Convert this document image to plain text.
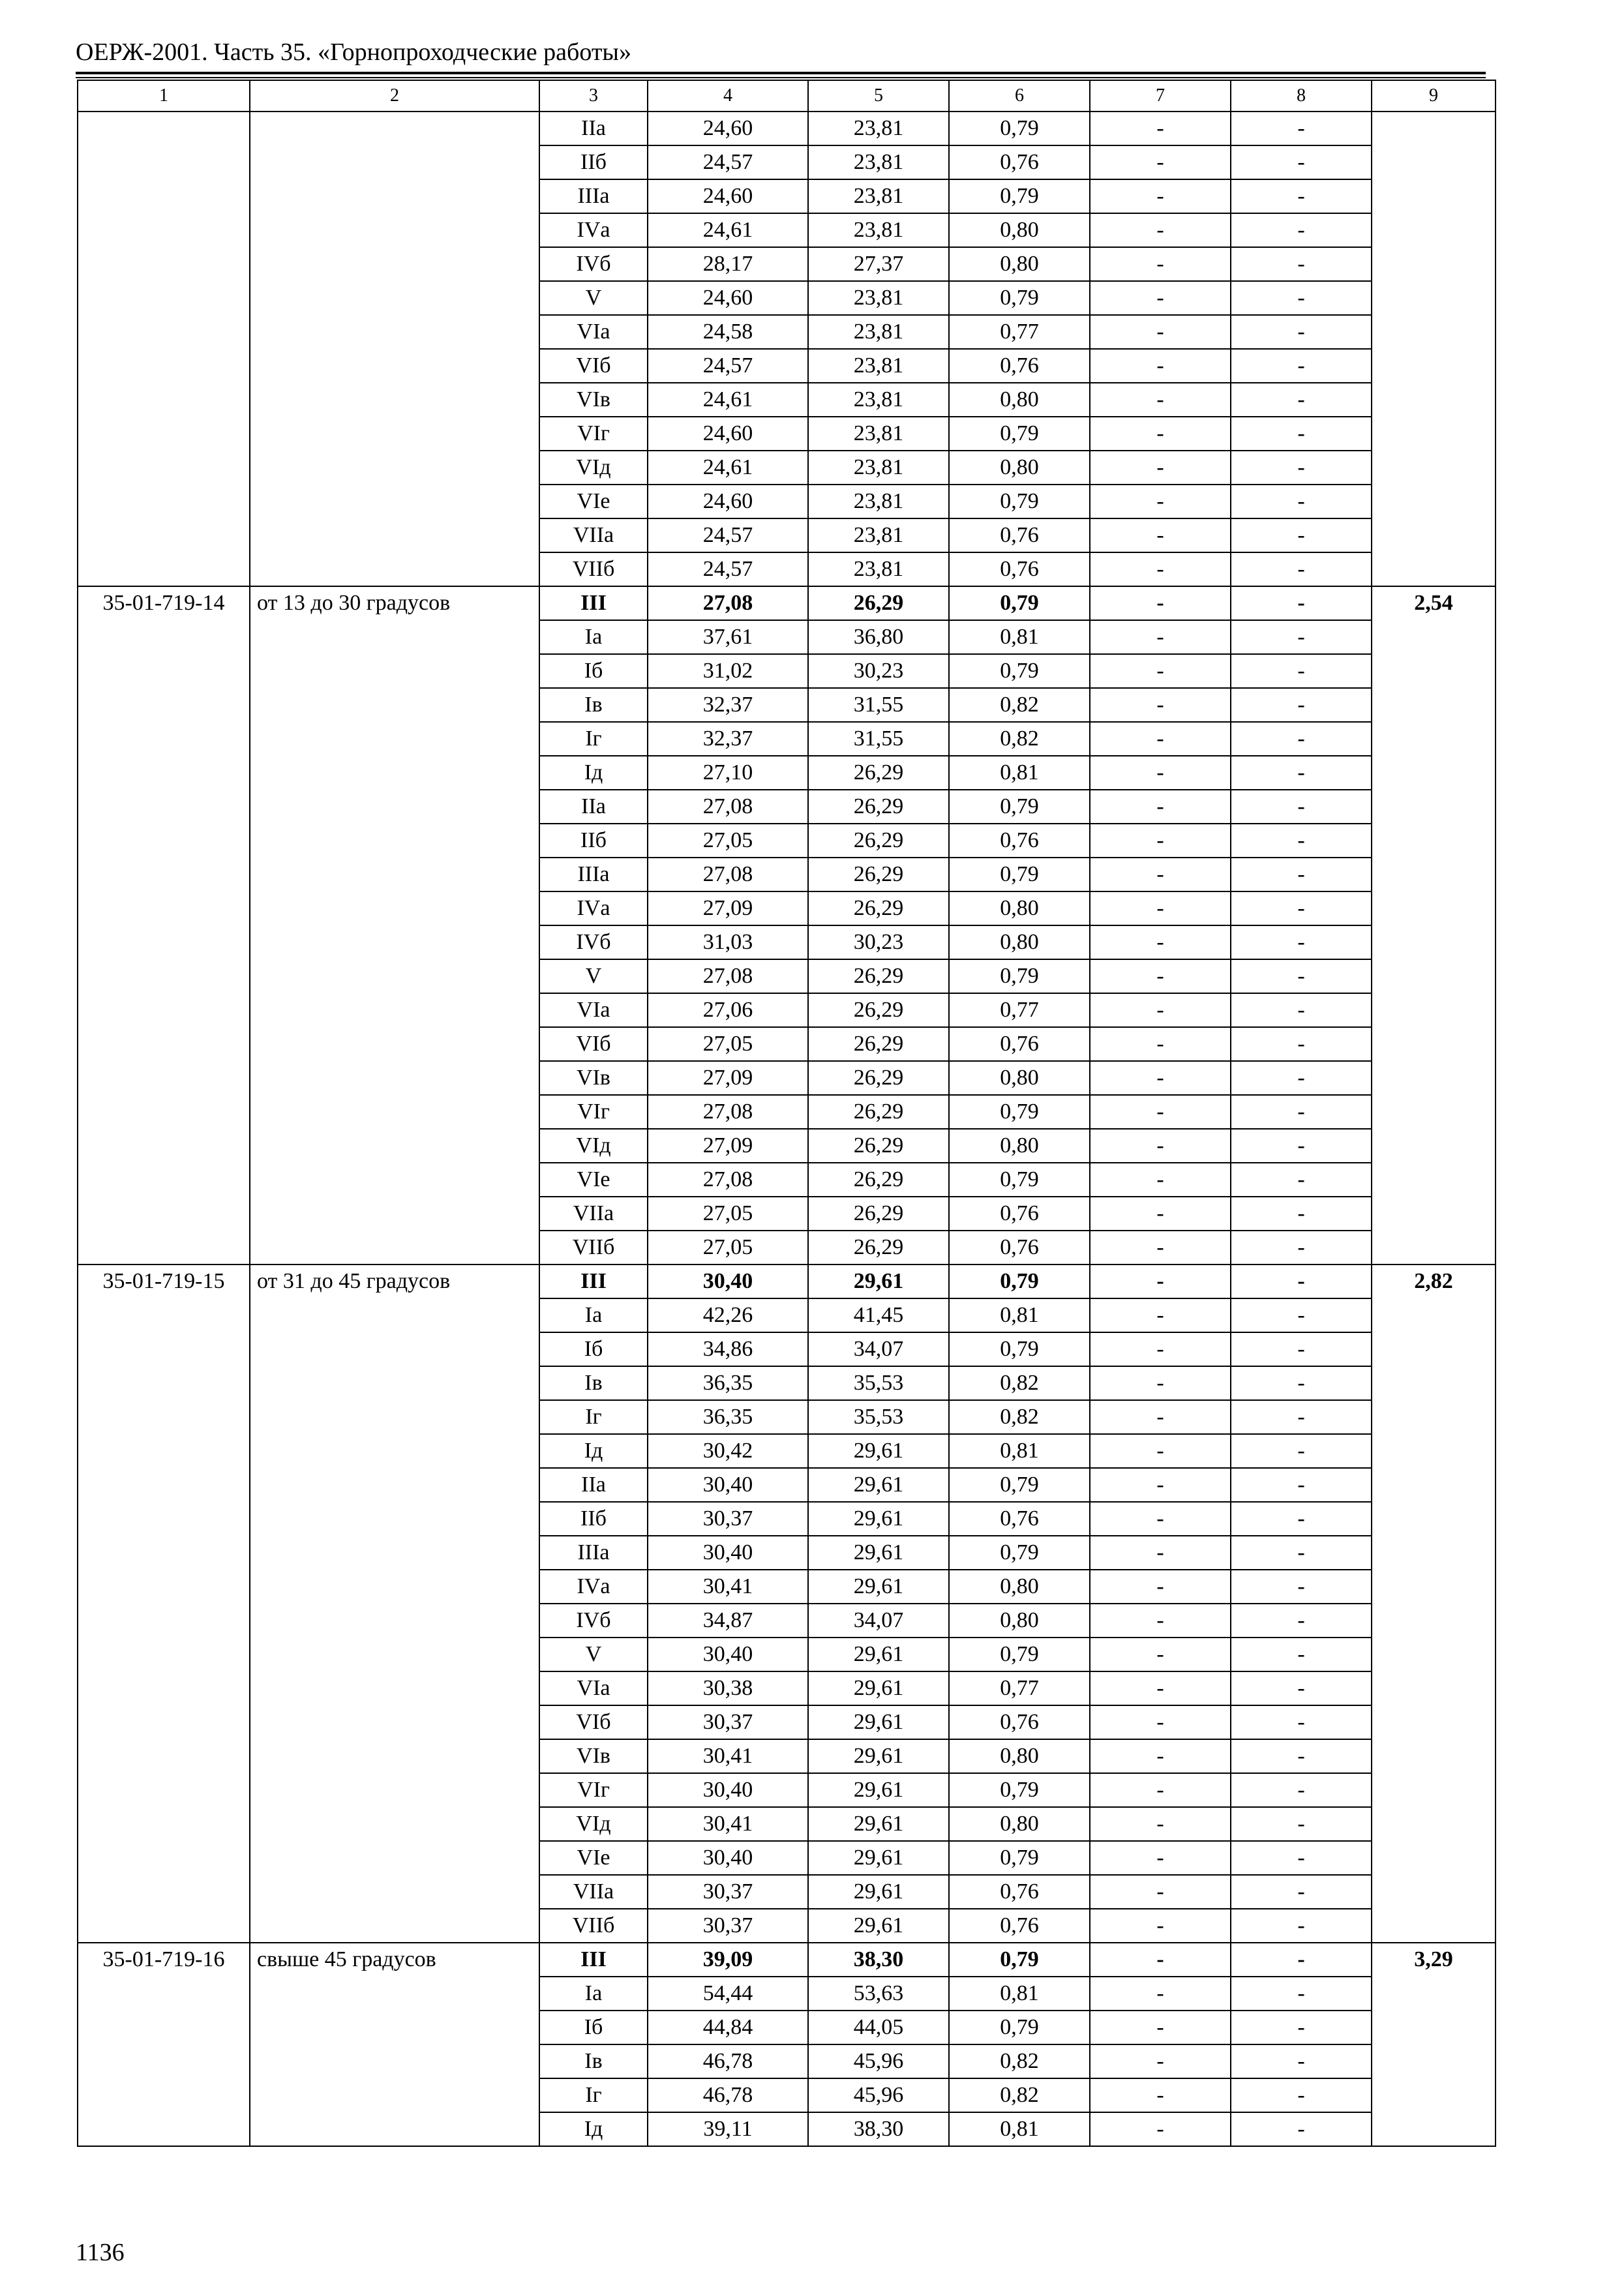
ОЕРЖ-2001. Часть 35. «Горнопроходческие работы»
1	2	3	4	5	6	7	8	9
		IIа	24,60	23,81	0,79	-	-	
		IIб	24,57	23,81	0,76	-	-	
		IIIа	24,60	23,81	0,79	-	-	
		IVа	24,61	23,81	0,80	-	-	
		IVб	28,17	27,37	0,80	-	-	
		V	24,60	23,81	0,79	-	-	
		VIа	24,58	23,81	0,77	-	-	
		VIб	24,57	23,81	0,76	-	-	
		VIв	24,61	23,81	0,80	-	-	
		VIг	24,60	23,81	0,79	-	-	
		VIд	24,61	23,81	0,80	-	-	
		VIе	24,60	23,81	0,79	-	-	
		VIIа	24,57	23,81	0,76	-	-	
		VIIб	24,57	23,81	0,76	-	-	
35-01-719-14	от 13 до 30 градусов	III	27,08	26,29	0,79	-	-	2,54
		Iа	37,61	36,80	0,81	-	-	
		Iб	31,02	30,23	0,79	-	-	
		Iв	32,37	31,55	0,82	-	-	
		Iг	32,37	31,55	0,82	-	-	
		Iд	27,10	26,29	0,81	-	-	
		IIа	27,08	26,29	0,79	-	-	
		IIб	27,05	26,29	0,76	-	-	
		IIIа	27,08	26,29	0,79	-	-	
		IVа	27,09	26,29	0,80	-	-	
		IVб	31,03	30,23	0,80	-	-	
		V	27,08	26,29	0,79	-	-	
		VIа	27,06	26,29	0,77	-	-	
		VIб	27,05	26,29	0,76	-	-	
		VIв	27,09	26,29	0,80	-	-	
		VIг	27,08	26,29	0,79	-	-	
		VIд	27,09	26,29	0,80	-	-	
		VIе	27,08	26,29	0,79	-	-	
		VIIа	27,05	26,29	0,76	-	-	
		VIIб	27,05	26,29	0,76	-	-	
35-01-719-15	от 31 до 45 градусов	III	30,40	29,61	0,79	-	-	2,82
		Iа	42,26	41,45	0,81	-	-	
		Iб	34,86	34,07	0,79	-	-	
		Iв	36,35	35,53	0,82	-	-	
		Iг	36,35	35,53	0,82	-	-	
		Iд	30,42	29,61	0,81	-	-	
		IIа	30,40	29,61	0,79	-	-	
		IIб	30,37	29,61	0,76	-	-	
		IIIа	30,40	29,61	0,79	-	-	
		IVа	30,41	29,61	0,80	-	-	
		IVб	34,87	34,07	0,80	-	-	
		V	30,40	29,61	0,79	-	-	
		VIа	30,38	29,61	0,77	-	-	
		VIб	30,37	29,61	0,76	-	-	
		VIв	30,41	29,61	0,80	-	-	
		VIг	30,40	29,61	0,79	-	-	
		VIд	30,41	29,61	0,80	-	-	
		VIе	30,40	29,61	0,79	-	-	
		VIIа	30,37	29,61	0,76	-	-	
		VIIб	30,37	29,61	0,76	-	-	
35-01-719-16	свыше 45 градусов	III	39,09	38,30	0,79	-	-	3,29
		Iа	54,44	53,63	0,81	-	-	
		Iб	44,84	44,05	0,79	-	-	
		Iв	46,78	45,96	0,82	-	-	
		Iг	46,78	45,96	0,82	-	-	
		Iд	39,11	38,30	0,81	-	-	
1136
